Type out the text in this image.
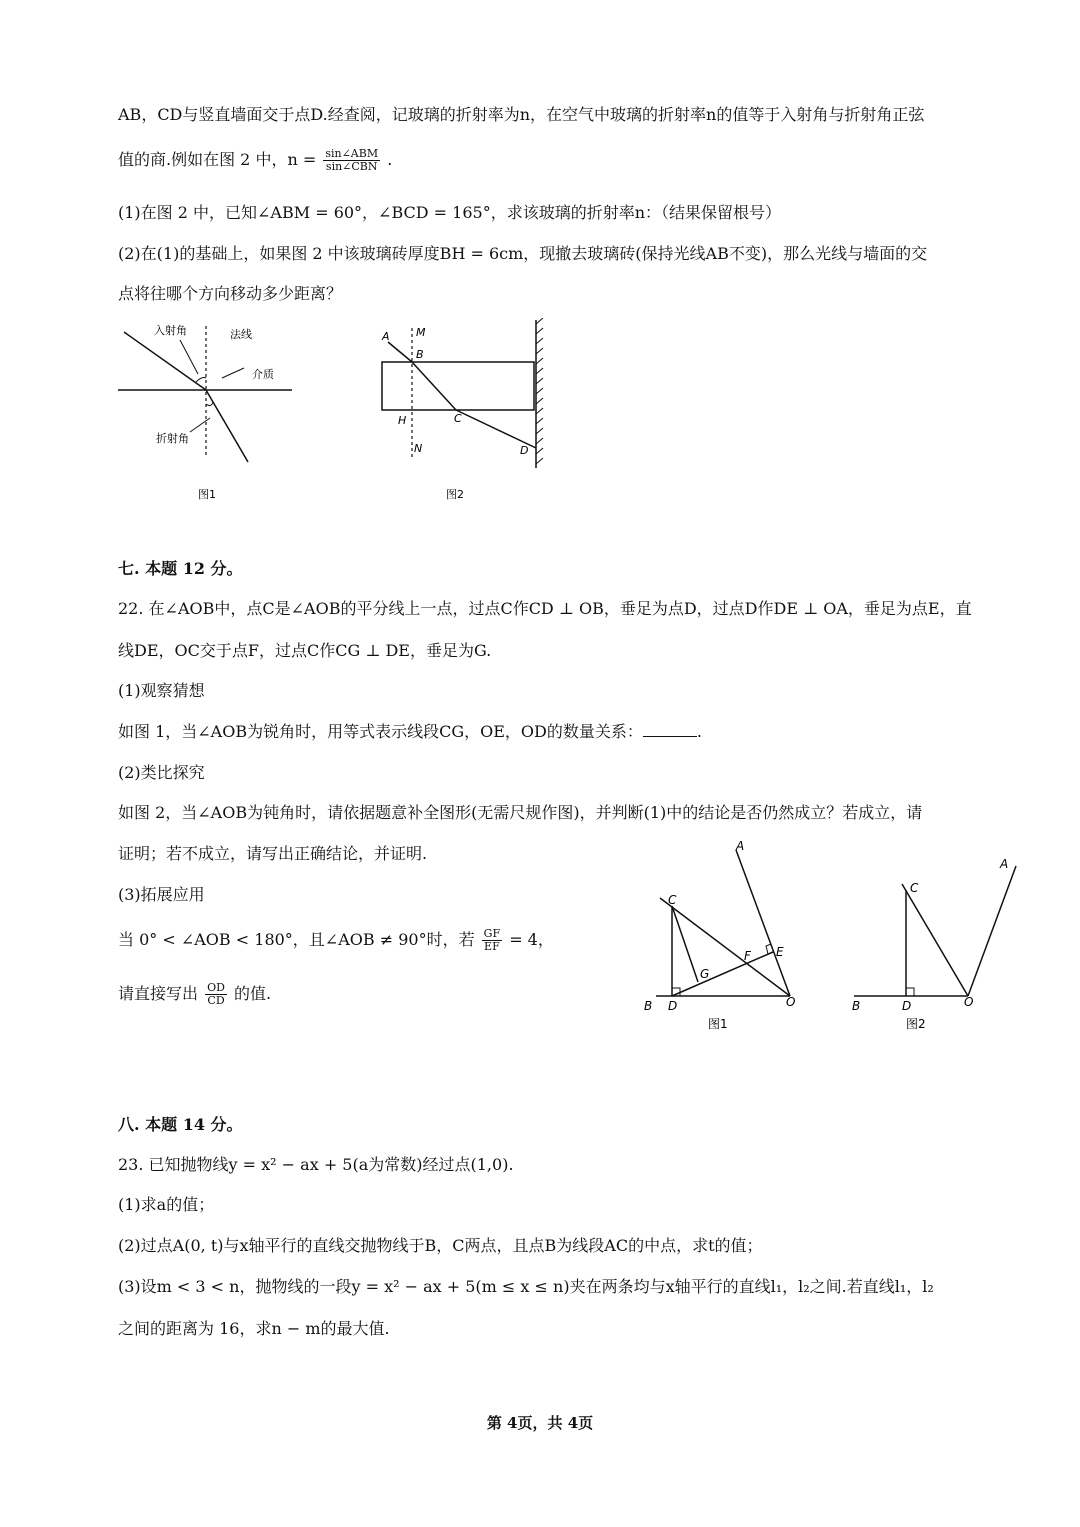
AB，CD与竖直墙面交于点D.经查阅，记玻璃的折射率为n，在空气中玻璃的折射率n的值等于入射角与折射角正弦
值的商.例如在图 2 中，$n = \frac{\text{sin∠ABM}}{\text{sin∠CBN}}$ .
(1)在图 2 中，已知∠ABM = 60°，∠BCD = 165°，求该玻璃的折射率n：（结果保留根号）
(2)在(1)的基础上，如果图 2 中该玻璃砖厚度BH = 6cm，现撤去玻璃砖(保持光线AB不变)，那么光线与墙面的交
点将往哪个方向移动多少距离？
入射角	法线
介质
折射角
图1
A M
B
H	C
N	D
图2
七. 本题 12 分。
22. 在∠AOB中，点C是∠AOB的平分线上一点，过点C作CD ⊥ OB，垂足为点D，过点D作DE ⊥ OA，垂足为点E，直
线DE，OC交于点F，过点C作CG ⊥ DE，垂足为G.
(1)观察猜想
如图 1，当∠AOB为锐角时，用等式表示线段CG，OE，OD的数量关系：	.
(2)类比探究
如图 2，当∠AOB为钝角时，请依据题意补全图形(无需尺规作图)，并判断(1)中的结论是否仍然成立？若成立，请
证明；若不成立，请写出正确结论，并证明.
(3)拓展应用
当 0° < ∠AOB < 180°，且∠AOB ≠ 90°时，若 $\frac{GF}{EF} = 4$，
请直接写出 $\frac{OD}{CD}$ 的值.
A
C
E
F
G
B D	O
图1
A
C
B	D	O
图2
八. 本题 14 分。
23. 已知抛物线y = x² − ax + 5(a为常数)经过点(1,0).
(1)求a的值；
(2)过点A(0, t)与x轴平行的直线交抛物线于B，C两点，且点B为线段AC的中点，求t的值；
(3)设m < 3 < n，抛物线的一段y = x² − ax + 5(m ≤ x ≤ n)夹在两条均与x轴平行的直线l₁，l₂之间.若直线l₁，l₂
之间的距离为 16，求n − m的最大值.
第 4页，共 4页
